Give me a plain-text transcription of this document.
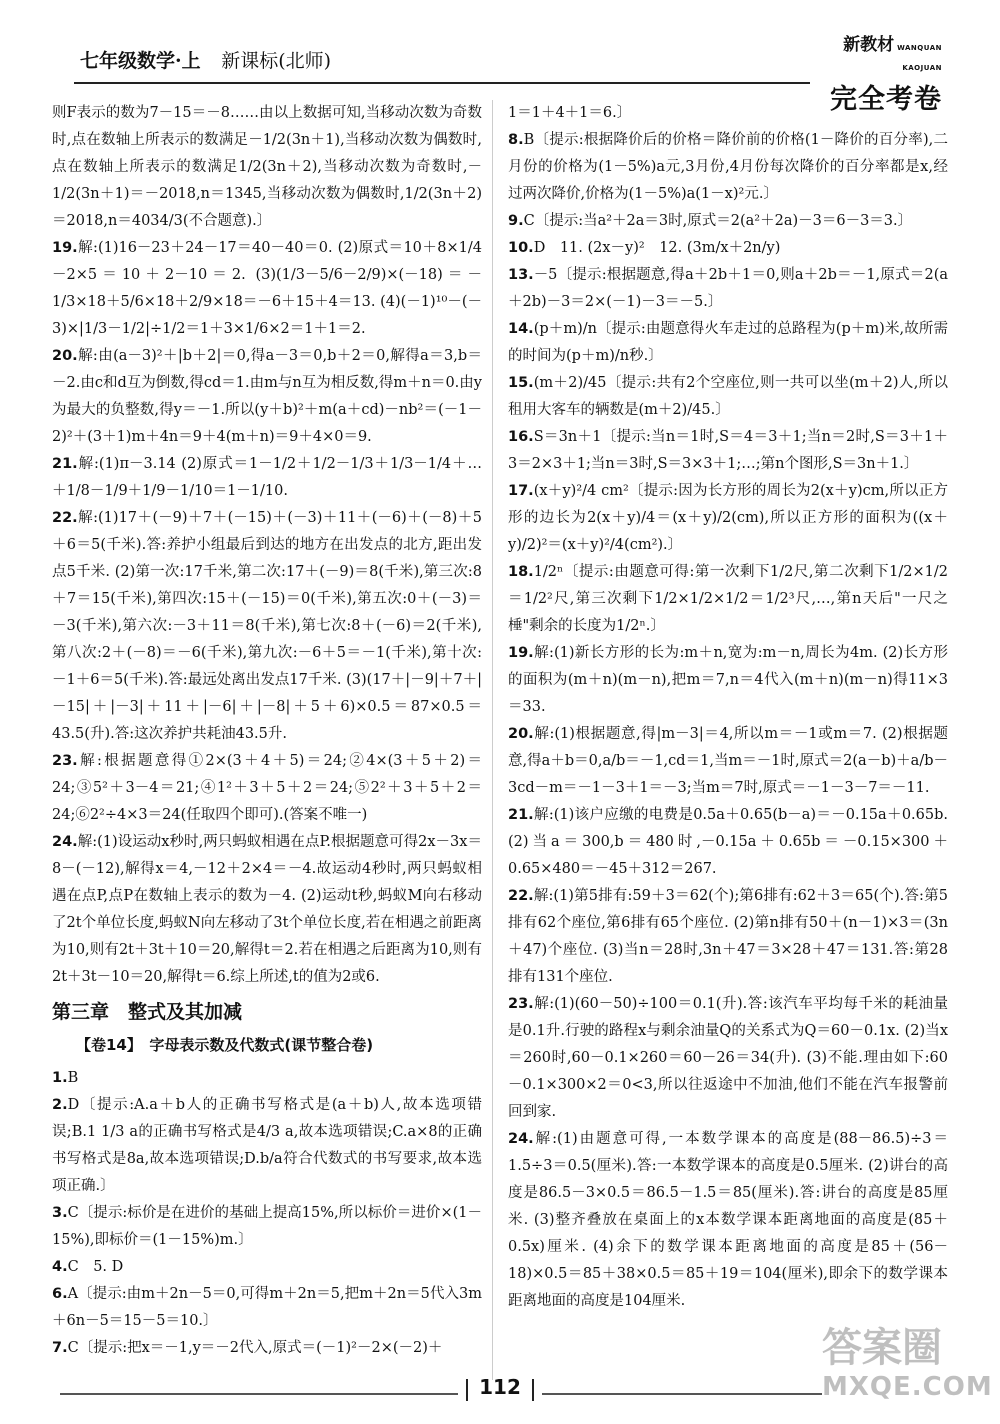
七年级数学·上 新课标(北师)
新教材 WANQUAN KAOJUAN
完全考卷

则F表示的数为7－15＝－8……由以上数据可知,当移动次数为奇数时,点在数轴上所表示的数满足－1/2(3n＋1),当移动次数为偶数时,点在数轴上所表示的数满足1/2(3n＋2),当移动次数为奇数时,－1/2(3n＋1)＝－2018,n＝1345,当移动次数为偶数时,1/2(3n＋2)＝2018,n＝4034/3(不合题意).〕

19.解:(1)16－23＋24－17＝40－40＝0. (2)原式＝10＋8×1/4－2×5＝10＋2－10＝2. (3)(1/3－5/6－2/9)×(－18)＝－1/3×18＋5/6×18＋2/9×18＝－6＋15＋4＝13. (4)(－1)¹⁰－(－3)×|1/3－1/2|÷1/2＝1＋3×1/6×2＝1＋1＝2.

20.解:由(a－3)²＋|b＋2|＝0,得a－3＝0,b＋2＝0,解得a＝3,b＝－2.由c和d互为倒数,得cd＝1.由m与n互为相反数,得m＋n＝0.由y为最大的负整数,得y＝－1.所以(y＋b)²＋m(a＋cd)－nb²＝(－1－2)²＋(3＋1)m＋4n＝9＋4(m＋n)＝9＋4×0＝9.

21.解:(1)π－3.14 (2)原式＝1－1/2＋1/2－1/3＋1/3－1/4＋…＋1/8－1/9＋1/9－1/10＝1－1/10.

22.解:(1)17＋(－9)＋7＋(－15)＋(－3)＋11＋(－6)＋(－8)＋5＋6＝5(千米).答:养护小组最后到达的地方在出发点的北方,距出发点5千米. (2)第一次:17千米,第二次:17＋(－9)＝8(千米),第三次:8＋7＝15(千米),第四次:15＋(－15)＝0(千米),第五次:0＋(－3)＝－3(千米),第六次:－3＋11＝8(千米),第七次:8＋(－6)＝2(千米),第八次:2＋(－8)＝－6(千米),第九次:－6＋5＝－1(千米),第十次:－1＋6＝5(千米).答:最远处离出发点17千米. (3)(17＋|－9|＋7＋|－15|＋|－3|＋11＋|－6|＋|－8|＋5＋6)×0.5＝87×0.5＝43.5(升).答:这次养护共耗油43.5升.

23.解:根据题意得①2×(3＋4＋5)＝24;②4×(3＋5＋2)＝24;③5²＋3－4＝21;④1²＋3＋5＋2＝24;⑤2²＋3＋5＋2＝24;⑥2²÷4×3＝24(任取四个即可).(答案不唯一)

24.解:(1)设运动x秒时,两只蚂蚁相遇在点P.根据题意可得2x－3x＝8－(－12),解得x＝4,－12＋2×4＝－4.故运动4秒时,两只蚂蚁相遇在点P,点P在数轴上表示的数为－4. (2)运动t秒,蚂蚁M向右移动了2t个单位长度,蚂蚁N向左移动了3t个单位长度,若在相遇之前距离为10,则有2t＋3t＋10＝20,解得t＝2.若在相遇之后距离为10,则有2t＋3t－10＝20,解得t＝6.综上所述,t的值为2或6.

第三章　整式及其加减
【卷14】　字母表示数及代数式(课节整合卷)

1.B

2.D〔提示:A.a＋b人的正确书写格式是(a＋b)人,故本选项错误;B.1 1/3 a的正确书写格式是4/3 a,故本选项错误;C.a×8的正确书写格式是8a,故本选项错误;D.b/a符合代数式的书写要求,故本选项正确.〕

3.C〔提示:标价是在进价的基础上提高15%,所以标价＝进价×(1－15%),即标价＝(1－15%)m.〕

4.C　5. D

6.A〔提示:由m＋2n－5＝0,可得m＋2n＝5,把m＋2n＝5代入3m＋6n－5＝15－5＝10.〕

7.C〔提示:把x＝－1,y＝－2代入,原式＝(－1)²－2×(－2)＋

1＝1＋4＋1＝6.〕

8.B〔提示:根据降价后的价格＝降价前的价格(1－降价的百分率),二月份的价格为(1－5%)a元,3月份,4月份每次降价的百分率都是x,经过两次降价,价格为(1－5%)a(1－x)²元.〕

9.C〔提示:当a²＋2a＝3时,原式＝2(a²＋2a)－3＝6－3＝3.〕

10.D　11. (2x－y)²　12. (3m/x＋2n/y)

13.－5〔提示:根据题意,得a＋2b＋1＝0,则a＋2b＝－1,原式＝2(a＋2b)－3＝2×(－1)－3＝－5.〕

14.(p＋m)/n〔提示:由题意得火车走过的总路程为(p＋m)米,故所需的时间为(p＋m)/n秒.〕

15.(m＋2)/45〔提示:共有2个空座位,则一共可以坐(m＋2)人,所以租用大客车的辆数是(m＋2)/45.〕

16.S＝3n＋1〔提示:当n＝1时,S＝4＝3＋1;当n＝2时,S＝3＋1＋3＝2×3＋1;当n＝3时,S＝3×3＋1;…;第n个图形,S＝3n＋1.〕

17.(x＋y)²/4 cm²〔提示:因为长方形的周长为2(x＋y)cm,所以正方形的边长为2(x＋y)/4＝(x＋y)/2(cm),所以正方形的面积为((x＋y)/2)²＝(x＋y)²/4(cm²).〕

18.1/2ⁿ〔提示:由题意可得:第一次剩下1/2尺,第二次剩下1/2×1/2＝1/2²尺,第三次剩下1/2×1/2×1/2＝1/2³尺,…,第n天后"一尺之棰"剩余的长度为1/2ⁿ.〕

19.解:(1)新长方形的长为:m＋n,宽为:m－n,周长为4m. (2)长方形的面积为(m＋n)(m－n),把m＝7,n＝4代入(m＋n)(m－n)得11×3＝33.

20.解:(1)根据题意,得|m－3|＝4,所以m＝－1或m＝7. (2)根据题意,得a＋b＝0,a/b＝－1,cd＝1,当m＝－1时,原式＝2(a－b)＋a/b－3cd－m＝－1－3＋1＝－3;当m＝7时,原式＝－1－3－7＝－11.

21.解:(1)该户应缴的电费是0.5a＋0.65(b－a)＝－0.15a＋0.65b. (2)当a＝300,b＝480时,－0.15a＋0.65b＝－0.15×300＋0.65×480＝－45＋312＝267.

22.解:(1)第5排有:59＋3＝62(个);第6排有:62＋3＝65(个).答:第5排有62个座位,第6排有65个座位. (2)第n排有50＋(n－1)×3＝(3n＋47)个座位. (3)当n＝28时,3n＋47＝3×28＋47＝131.答:第28排有131个座位.

23.解:(1)(60－50)÷100＝0.1(升).答:该汽车平均每千米的耗油量是0.1升.行驶的路程x与剩余油量Q的关系式为Q＝60－0.1x. (2)当x＝260时,60－0.1×260＝60－26＝34(升). (3)不能.理由如下:60－0.1×300×2＝0<3,所以往返途中不加油,他们不能在汽车报警前回到家.

24.解:(1)由题意可得,一本数学课本的高度是(88－86.5)÷3＝1.5÷3＝0.5(厘米).答:一本数学课本的高度是0.5厘米. (2)讲台的高度是86.5－3×0.5＝86.5－1.5＝85(厘米).答:讲台的高度是85厘米. (3)整齐叠放在桌面上的x本数学课本距离地面的高度是(85＋0.5x)厘米. (4)余下的数学课本距离地面的高度是85＋(56－18)×0.5＝85＋38×0.5＝85＋19＝104(厘米),即余下的数学课本距离地面的高度是104厘米.

112
答案圈
MXQE.COM
